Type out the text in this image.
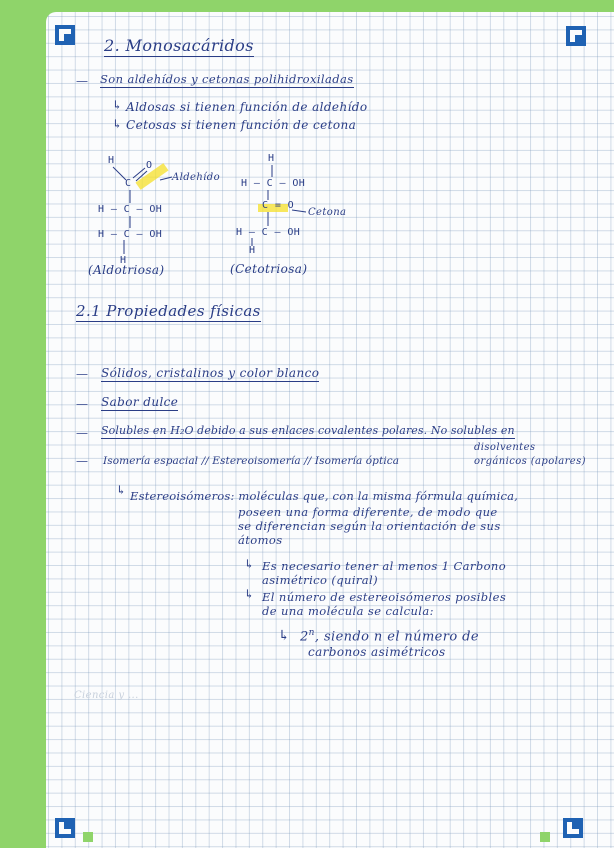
2. Monosacáridos
— Son aldehídos y cetonas polihidroxiladas
↳ Aldosas si tienen función de aldehído
↳ Cetosas si tienen función de cetona
H	O
C
Aldehído
H – C – OH
H – C – OH
H
(Aldotriosa)
H
H – C – OH
C = O
Cetona
H – C – OH
H
(Cetotriosa)
2.1 Propiedades físicas
— Sólidos, cristalinos y color blanco
— Sabor dulce
— Solubles en H₂O debido a sus enlaces covalentes polares. No solubles en
disolventes
orgánicos (apolares)
— Isomería espacial // Estereoisomería // Isomería óptica
↳ Estereoisómeros: moléculas que, con la misma fórmula química,
poseen una forma diferente, de modo que
se diferencian según la orientación de sus
átomos
↳ Es necesario tener al menos 1 Carbono
asimétrico (quiral)
↳ El número de estereoisómeros posibles
de una molécula se calcula:
↳ 2$^n$, siendo n el número de
carbonos asimétricos
Ciencia y ...
